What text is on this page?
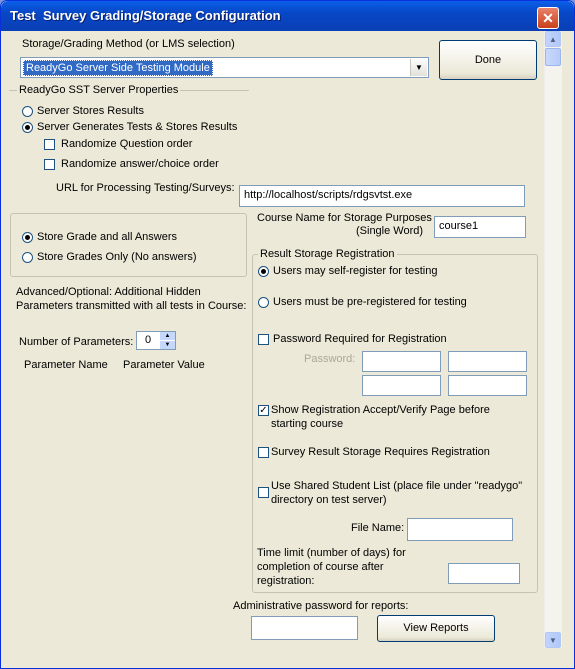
Test  Survey Grading/Storage Configuration	✕
Storage/Grading Method (or LMS selection)
ReadyGo Server Side Testing Module	▼
Done
ReadyGo SST Server Properties
Server Stores Results
Server Generates Tests & Stores Results
Randomize Question order
Randomize answer/choice order
URL for Processing Testing/Surveys:
http://localhost/scripts/rdgsvtst.exe
Store Grade and all Answers
Store Grades Only (No answers)
Course Name for Storage Purposes
(Single Word) course1
Advanced/Optional: Additional Hidden
Parameters transmitted with all tests in Course:
Number of Parameters: 0	▲
▼
Parameter Name Parameter Value
Result Storage Registration
Users may self-register for testing
Users must be pre-registered for testing
Password Required for Registration
Password:
✓ Show Registration Accept/Verify Page before
starting course
Survey Result Storage Requires Registration
Use Shared Student List (place file under "readygo"
directory on test server)
File Name:
Time limit (number of days) for
completion of course after
registration:
Administrative password for reports:
View Reports
▲
▼
